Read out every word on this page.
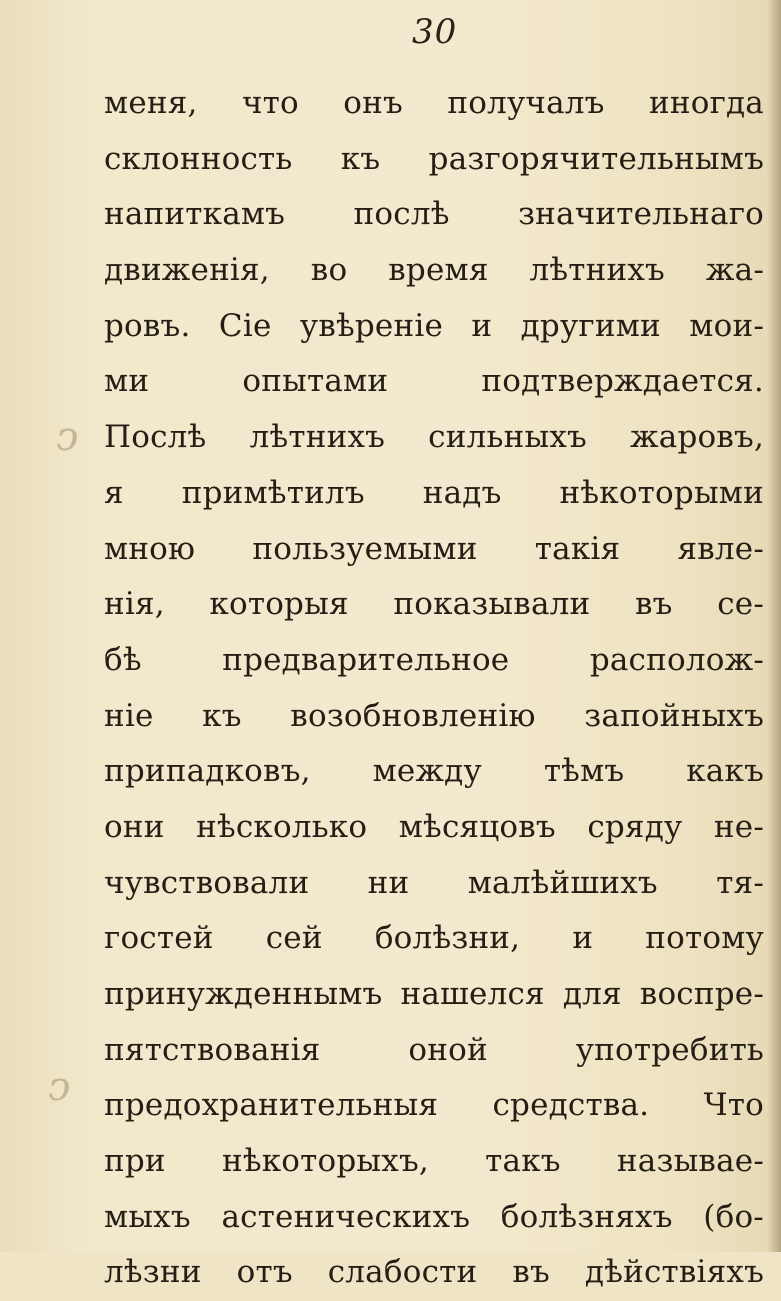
30
ↄ
ↄ
меня, что онъ получалъ иногда
склонность къ разгорячительнымъ
напиткамъ послѣ значительнаго
движенія, во время лѣтнихъ жа-
ровъ. Сіе увѣреніе и другими мои-
ми опытами подтверждается.
Послѣ лѣтнихъ сильныхъ жаровъ,
я примѣтилъ надъ нѣкоторыми
мною пользуемыми такія явле-
нія, которыя показывали въ се-
бѣ предварительное располож-
ніе къ возобновленію запойныхъ
припадковъ, между тѣмъ какъ
они нѣсколько мѣсяцовъ сряду не-
чувствовали ни малѣйшихъ тя-
гостей сей болѣзни, и потому
принужденнымъ нашелся для воспре-
пятствованія оной употребить
предохранительныя средства. Что
при нѣкоторыхъ, такъ называе-
мыхъ астеническихъ болѣзняхъ (бо-
лѣзни отъ слабости въ дѣйствіяхъ
